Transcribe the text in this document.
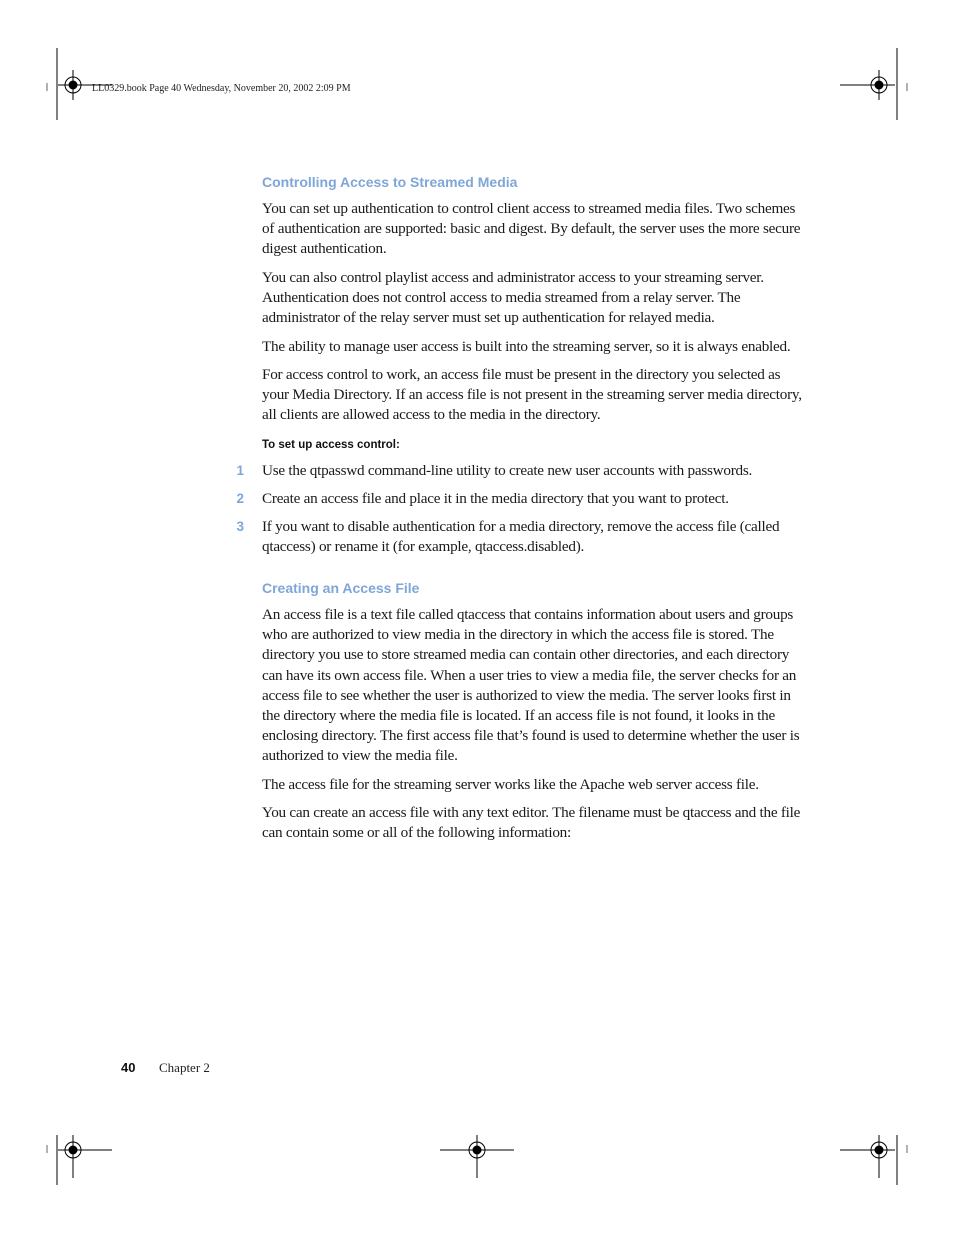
LL0329.book Page 40 Wednesday, November 20, 2002 2:09 PM
Controlling Access to Streamed Media
You can set up authentication to control client access to streamed media files. Two schemes of authentication are supported: basic and digest. By default, the server uses the more secure digest authentication.
You can also control playlist access and administrator access to your streaming server. Authentication does not control access to media streamed from a relay server. The administrator of the relay server must set up authentication for relayed media.
The ability to manage user access is built into the streaming server, so it is always enabled.
For access control to work, an access file must be present in the directory you selected as your Media Directory. If an access file is not present in the streaming server media directory, all clients are allowed access to the media in the directory.
To set up access control:
1 Use the qtpasswd command-line utility to create new user accounts with passwords.
2 Create an access file and place it in the media directory that you want to protect.
3 If you want to disable authentication for a media directory, remove the access file (called qtaccess) or rename it (for example, qtaccess.disabled).
Creating an Access File
An access file is a text file called qtaccess that contains information about users and groups who are authorized to view media in the directory in which the access file is stored. The directory you use to store streamed media can contain other directories, and each directory can have its own access file. When a user tries to view a media file, the server checks for an access file to see whether the user is authorized to view the media. The server looks first in the directory where the media file is located. If an access file is not found, it looks in the enclosing directory. The first access file that’s found is used to determine whether the user is authorized to view the media file.
The access file for the streaming server works like the Apache web server access file.
You can create an access file with any text editor. The filename must be qtaccess and the file can contain some or all of the following information:
40 Chapter 2
